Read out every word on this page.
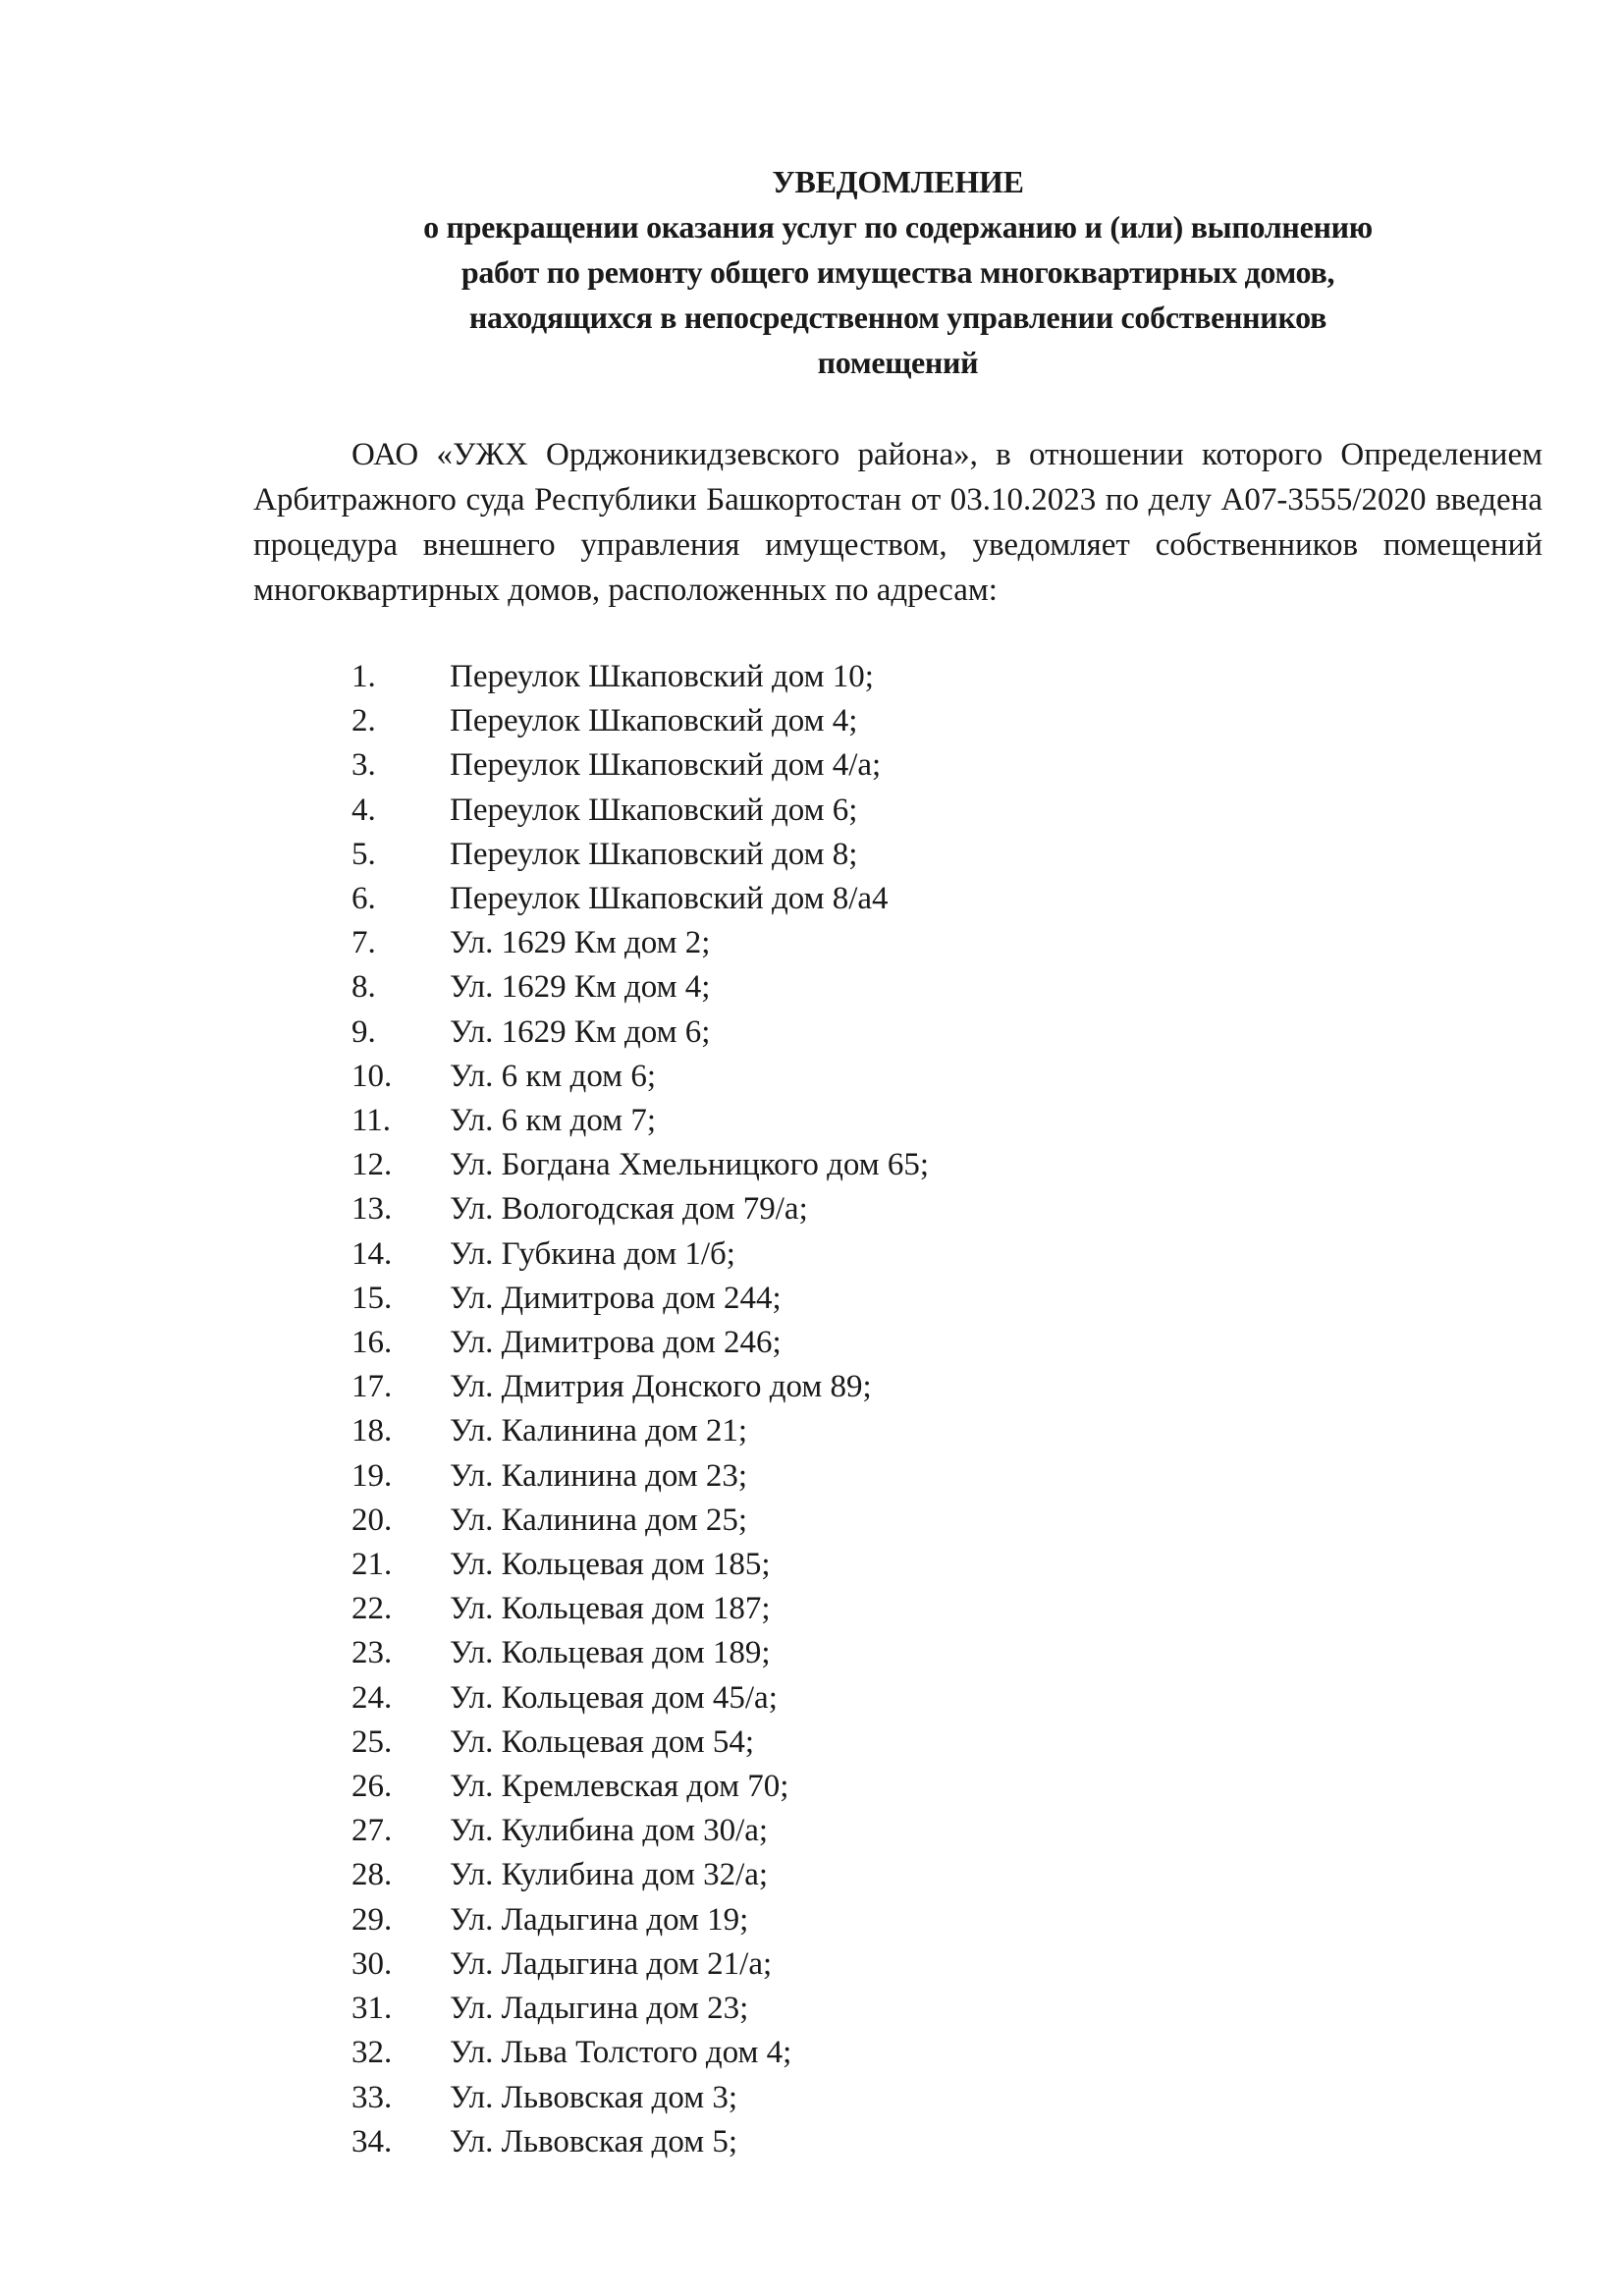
УВЕДОМЛЕНИЕ
о прекращении оказания услуг по содержанию и (или) выполнению
работ по ремонту общего имущества многоквартирных домов,
находящихся в непосредственном управлении собственников
помещений
ОАО «УЖХ Орджоникидзевского района», в отношении которого Определением Арбитражного суда Республики Башкортостан от 03.10.2023 по делу А07-3555/2020 введена процедура внешнего управления имуществом, уведомляет собственников помещений многоквартирных домов, расположенных по адресам:
1.	Переулок Шкаповский дом 10;
2.	Переулок Шкаповский дом 4;
3.	Переулок Шкаповский дом 4/а;
4.	Переулок Шкаповский дом 6;
5.	Переулок Шкаповский дом 8;
6.	Переулок Шкаповский дом 8/а4
7.	Ул. 1629 Км дом 2;
8.	Ул. 1629 Км дом 4;
9.	Ул. 1629 Км дом 6;
10.	Ул. 6 км дом 6;
11.	Ул. 6 км дом 7;
12.	Ул. Богдана Хмельницкого дом 65;
13.	Ул. Вологодская дом 79/а;
14.	Ул. Губкина дом 1/б;
15.	Ул. Димитрова дом 244;
16.	Ул. Димитрова дом 246;
17.	Ул. Дмитрия Донского дом 89;
18.	Ул. Калинина дом 21;
19.	Ул. Калинина дом 23;
20.	Ул. Калинина дом 25;
21.	Ул. Кольцевая дом 185;
22.	Ул. Кольцевая дом 187;
23.	Ул. Кольцевая дом 189;
24.	Ул. Кольцевая дом 45/а;
25.	Ул. Кольцевая дом 54;
26.	Ул. Кремлевская дом 70;
27.	Ул. Кулибина дом 30/а;
28.	Ул. Кулибина дом 32/а;
29.	Ул. Ладыгина дом 19;
30.	Ул. Ладыгина дом 21/а;
31.	Ул. Ладыгина дом 23;
32.	Ул. Льва Толстого дом 4;
33.	Ул. Львовская дом 3;
34.	Ул. Львовская дом 5;
